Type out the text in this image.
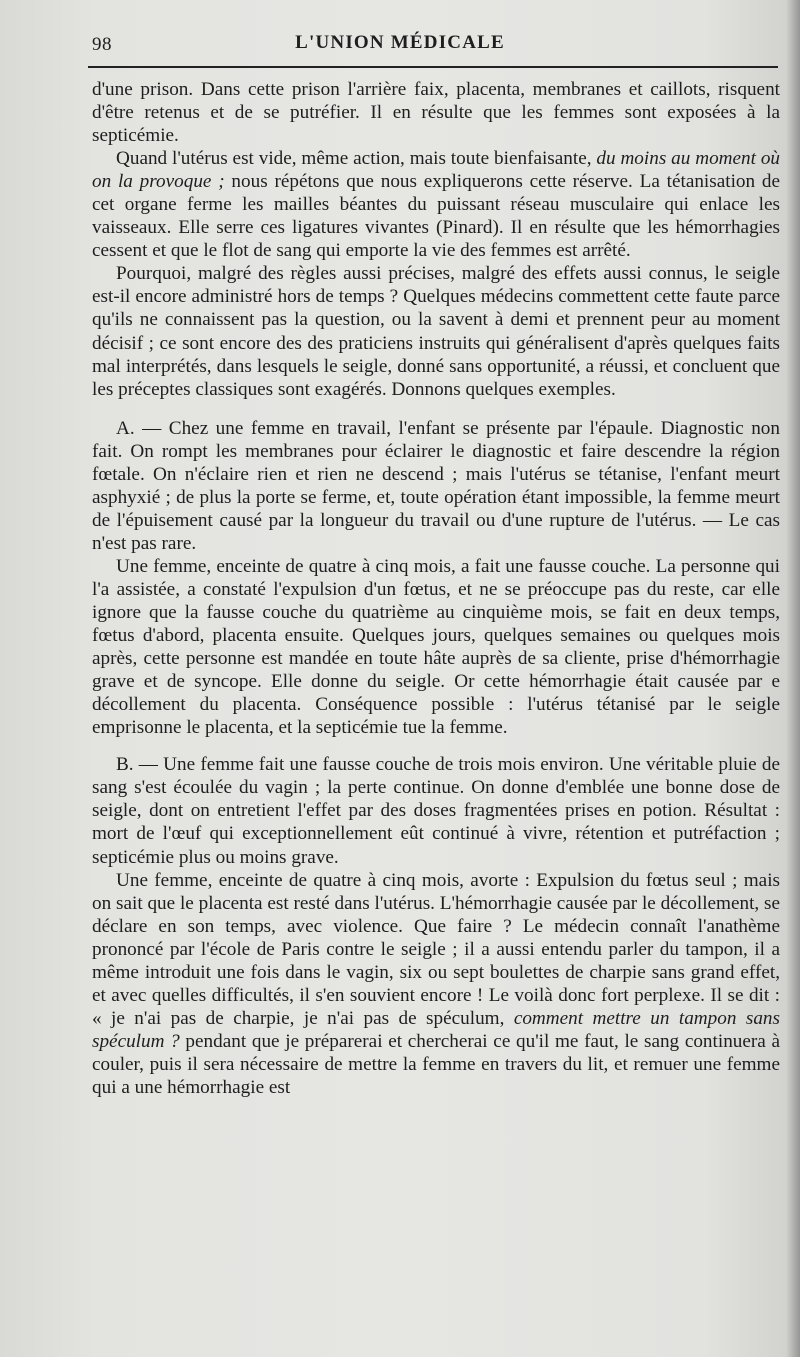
98	L'UNION MÉDICALE

d'une prison. Dans cette prison l'arrière faix, placenta, membranes et caillots, risquent d'être retenus et de se putréfier. Il en résulte que les femmes sont exposées à la septicémie.

Quand l'utérus est vide, même action, mais toute bienfaisante, du moins au moment où on la provoque ; nous répétons que nous expliquerons cette réserve. La tétanisation de cet organe ferme les mailles béantes du puissant réseau musculaire qui enlace les vaisseaux. Elle serre ces ligatures vivantes (Pinard). Il en résulte que les hémorrhagies cessent et que le flot de sang qui emporte la vie des femmes est arrêté.

Pourquoi, malgré des règles aussi précises, malgré des effets aussi connus, le seigle est-il encore administré hors de temps ? Quelques médecins commettent cette faute parce qu'ils ne connaissent pas la question, ou la savent à demi et prennent peur au moment décisif ; ce sont encore des des praticiens instruits qui généralisent d'après quelques faits mal interprétés, dans lesquels le seigle, donné sans opportunité, a réussi, et concluent que les préceptes classiques sont exagérés. Donnons quelques exemples.

A. — Chez une femme en travail, l'enfant se présente par l'épaule. Diagnostic non fait. On rompt les membranes pour éclairer le diagnostic et faire descendre la région fœtale. On n'éclaire rien et rien ne descend ; mais l'utérus se tétanise, l'enfant meurt asphyxié ; de plus la porte se ferme, et, toute opération étant impossible, la femme meurt de l'épuisement causé par la longueur du travail ou d'une rupture de l'utérus. — Le cas n'est pas rare.

Une femme, enceinte de quatre à cinq mois, a fait une fausse couche. La personne qui l'a assistée, a constaté l'expulsion d'un fœtus, et ne se préoccupe pas du reste, car elle ignore que la fausse couche du quatrième au cinquième mois, se fait en deux temps, fœtus d'abord, placenta ensuite. Quelques jours, quelques semaines ou quelques mois après, cette personne est mandée en toute hâte auprès de sa cliente, prise d'hémorrhagie grave et de syncope. Elle donne du seigle. Or cette hémorrhagie était causée par e décollement du placenta. Conséquence possible : l'utérus tétanisé par le seigle emprisonne le placenta, et la septicémie tue la femme.

B. — Une femme fait une fausse couche de trois mois environ. Une véritable pluie de sang s'est écoulée du vagin ; la perte continue. On donne d'emblée une bonne dose de seigle, dont on entretient l'effet par des doses fragmentées prises en potion. Résultat : mort de l'œuf qui exceptionnellement eût continué à vivre, rétention et putréfaction ; septicémie plus ou moins grave.

Une femme, enceinte de quatre à cinq mois, avorte : Expulsion du fœtus seul ; mais on sait que le placenta est resté dans l'utérus. L'hémorrhagie causée par le décollement, se déclare en son temps, avec violence. Que faire ? Le médecin connaît l'anathème prononcé par l'école de Paris contre le seigle ; il a aussi entendu parler du tampon, il a même introduit une fois dans le vagin, six ou sept boulettes de charpie sans grand effet, et avec quelles difficultés, il s'en souvient encore ! Le voilà donc fort perplexe. Il se dit : « je n'ai pas de charpie, je n'ai pas de spéculum, comment mettre un tampon sans spéculum ? pendant que je préparerai et chercherai ce qu'il me faut, le sang continuera à couler, puis il sera nécessaire de mettre la femme en travers du lit, et remuer une femme qui a une hémorrhagie est
